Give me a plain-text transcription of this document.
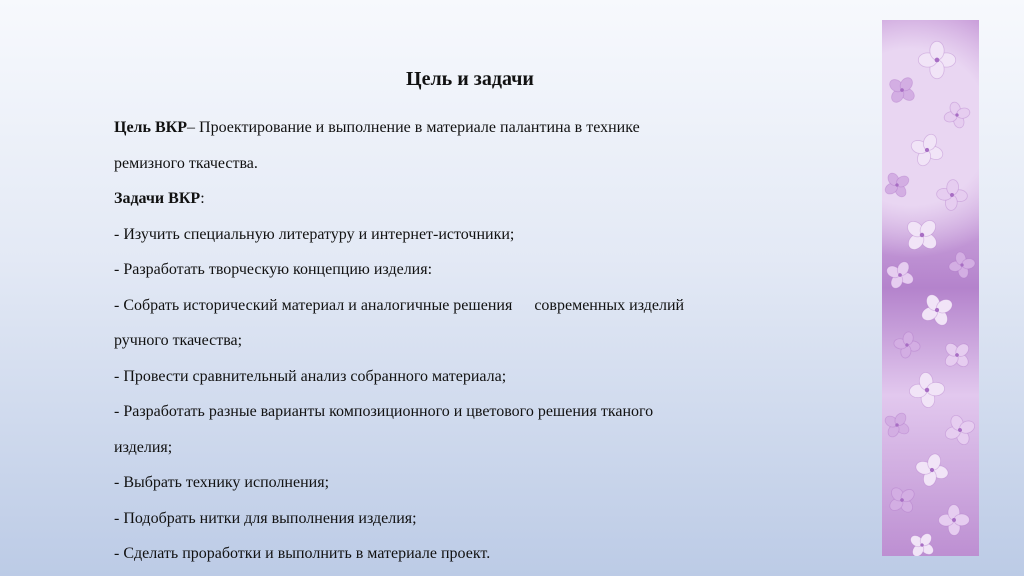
Цель и задачи

Цель ВКР– Проектирование и выполнение в материале палантина в технике

ремизного ткачества.

Задачи ВКР:

- Изучить специальную литературу и интернет-источники;

- Разработать творческую концепцию изделия:

- Собрать исторический материал и аналогичные решения современных изделий

ручного ткачества;

- Провести сравнительный анализ собранного материала;

- Разработать разные варианты композиционного и цветового решения тканого

изделия;

- Выбрать технику исполнения;

- Подобрать нитки для выполнения изделия;

- Сделать проработки и выполнить в материале проект.
